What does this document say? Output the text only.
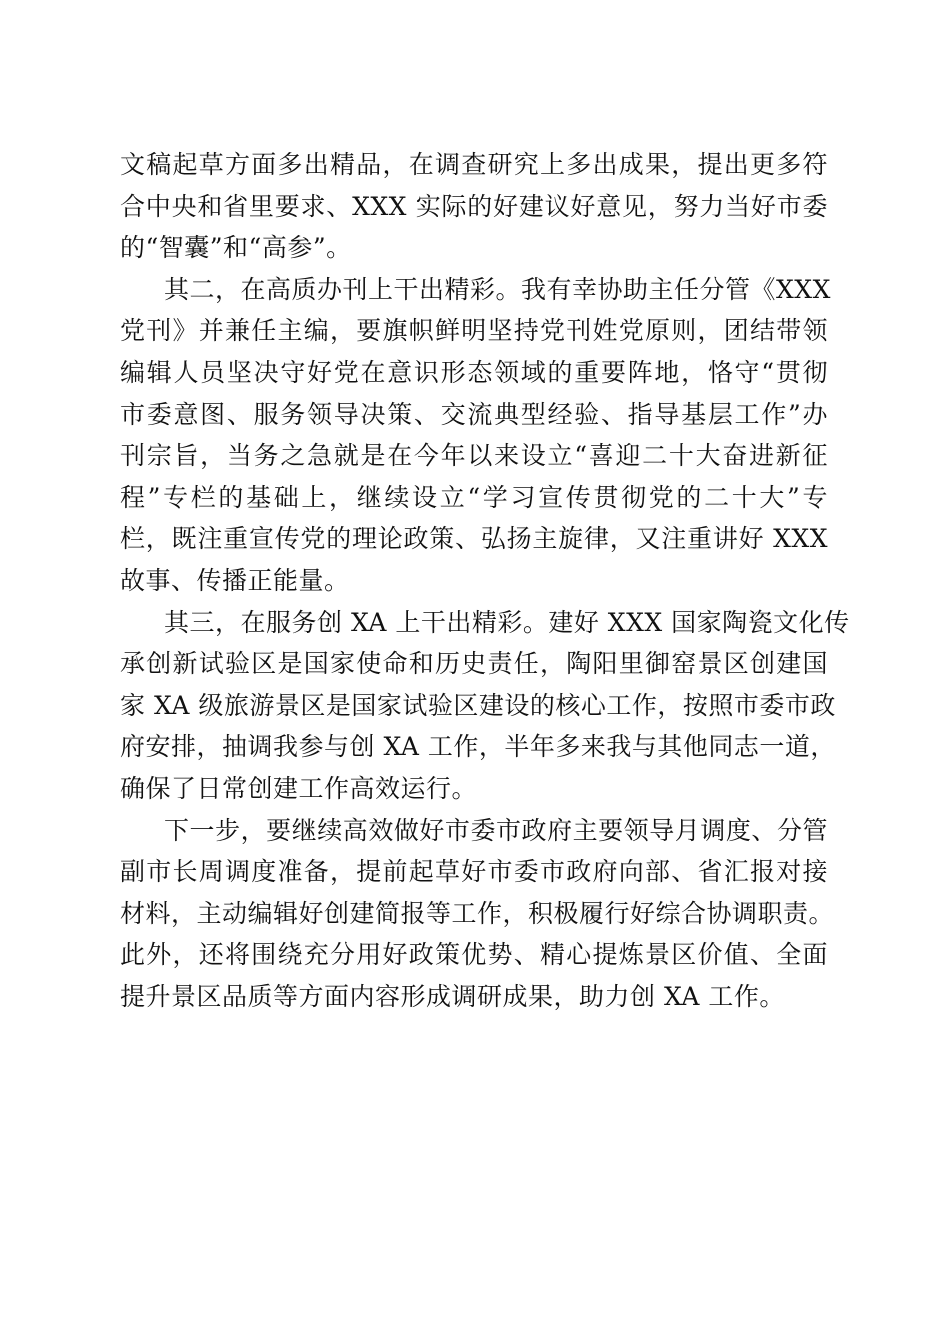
文稿起草方面多出精品，在调查研究上多出成果，提出更多符
合中央和省里要求、XXX 实际的好建议好意见，努力当好市委
的“智囊”和“高参”。
其二，在高质办刊上干出精彩。我有幸协助主任分管《XXX
党刊》并兼任主编，要旗帜鲜明坚持党刊姓党原则，团结带领
编辑人员坚决守好党在意识形态领域的重要阵地，恪守“贯彻
市委意图、服务领导决策、交流典型经验、指导基层工作”办
刊宗旨，当务之急就是在今年以来设立“喜迎二十大奋进新征
程”专栏的基础上，继续设立“学习宣传贯彻党的二十大”专
栏，既注重宣传党的理论政策、弘扬主旋律，又注重讲好 XXX
故事、传播正能量。
其三，在服务创 XA 上干出精彩。建好 XXX 国家陶瓷文化传
承创新试验区是国家使命和历史责任，陶阳里御窑景区创建国
家 XA 级旅游景区是国家试验区建设的核心工作，按照市委市政
府安排，抽调我参与创 XA 工作，半年多来我与其他同志一道，
确保了日常创建工作高效运行。
下一步，要继续高效做好市委市政府主要领导月调度、分管
副市长周调度准备，提前起草好市委市政府向部、省汇报对接
材料，主动编辑好创建简报等工作，积极履行好综合协调职责。
此外，还将围绕充分用好政策优势、精心提炼景区价值、全面
提升景区品质等方面内容形成调研成果，助力创 XA 工作。
